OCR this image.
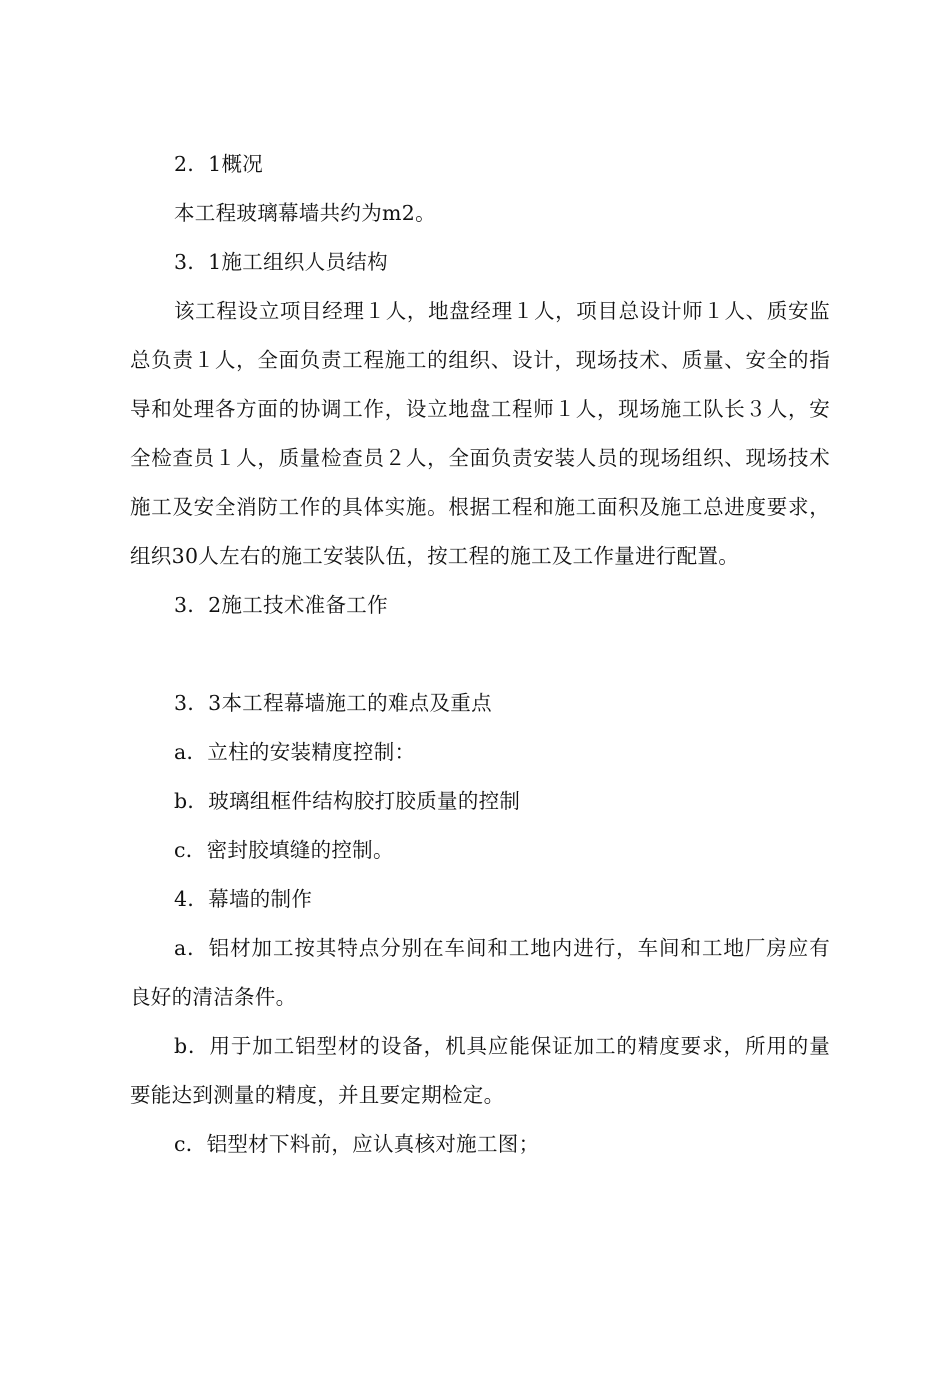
2．1概况

本工程玻璃幕墙共约为m2。

3．1施工组织人员结构

该工程设立项目经理１人，地盘经理１人，项目总设计师１人、质安监总负责１人，全面负责工程施工的组织、设计，现场技术、质量、安全的指导和处理各方面的协调工作，设立地盘工程师１人，现场施工队长３人，安全检查员１人，质量检查员２人，全面负责安装人员的现场组织、现场技术施工及安全消防工作的具体实施。根据工程和施工面积及施工总进度要求，组织30人左右的施工安装队伍，按工程的施工及工作量进行配置。

3．2施工技术准备工作

3．3本工程幕墙施工的难点及重点

a．立柱的安装精度控制：

b．玻璃组框件结构胶打胶质量的控制

c．密封胶填缝的控制。

4．幕墙的制作

a．铝材加工按其特点分别在车间和工地内进行，车间和工地厂房应有良好的清洁条件。

b．用于加工铝型材的设备，机具应能保证加工的精度要求，所用的量要能达到测量的精度，并且要定期检定。

c．铝型材下料前，应认真核对施工图；
